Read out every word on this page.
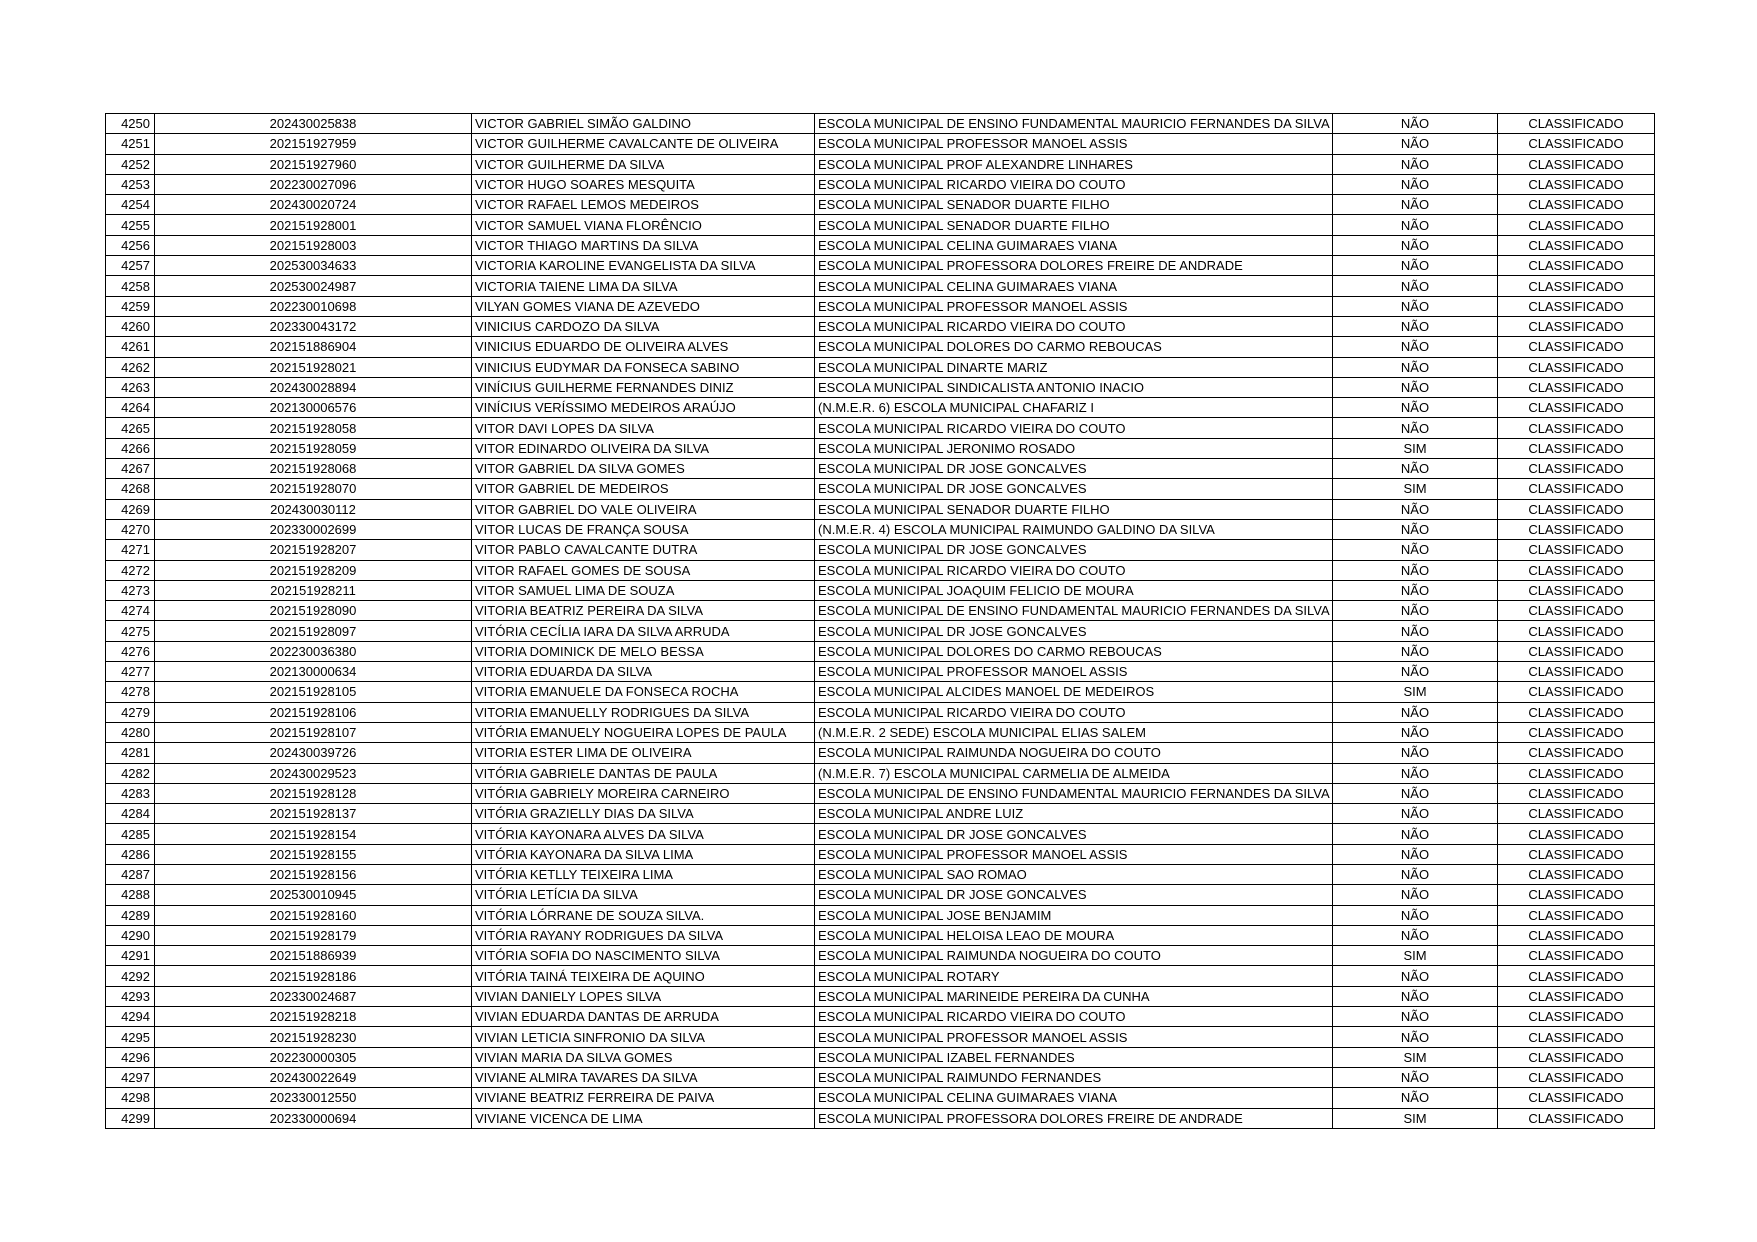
4250	202430025838	VICTOR GABRIEL SIMÃO GALDINO	ESCOLA MUNICIPAL DE ENSINO FUNDAMENTAL MAURICIO FERNANDES DA SILVA	NÃO	CLASSIFICADO
4251	202151927959	VICTOR GUILHERME CAVALCANTE DE OLIVEIRA	ESCOLA MUNICIPAL PROFESSOR MANOEL ASSIS	NÃO	CLASSIFICADO
4252	202151927960	VICTOR GUILHERME DA SILVA	ESCOLA MUNICIPAL PROF ALEXANDRE LINHARES	NÃO	CLASSIFICADO
4253	202230027096	VICTOR HUGO SOARES MESQUITA	ESCOLA MUNICIPAL RICARDO VIEIRA DO COUTO	NÃO	CLASSIFICADO
4254	202430020724	VICTOR RAFAEL LEMOS MEDEIROS	ESCOLA MUNICIPAL SENADOR DUARTE FILHO	NÃO	CLASSIFICADO
4255	202151928001	VICTOR SAMUEL VIANA FLORÊNCIO	ESCOLA MUNICIPAL SENADOR DUARTE FILHO	NÃO	CLASSIFICADO
4256	202151928003	VICTOR THIAGO MARTINS DA SILVA	ESCOLA MUNICIPAL CELINA GUIMARAES VIANA	NÃO	CLASSIFICADO
4257	202530034633	VICTORIA KAROLINE EVANGELISTA DA SILVA	ESCOLA MUNICIPAL PROFESSORA DOLORES FREIRE DE ANDRADE	NÃO	CLASSIFICADO
4258	202530024987	VICTORIA TAIENE LIMA DA SILVA	ESCOLA MUNICIPAL CELINA GUIMARAES VIANA	NÃO	CLASSIFICADO
4259	202230010698	VILYAN GOMES VIANA DE AZEVEDO	ESCOLA MUNICIPAL PROFESSOR MANOEL ASSIS	NÃO	CLASSIFICADO
4260	202330043172	VINICIUS CARDOZO DA SILVA	ESCOLA MUNICIPAL RICARDO VIEIRA DO COUTO	NÃO	CLASSIFICADO
4261	202151886904	VINICIUS EDUARDO DE OLIVEIRA ALVES	ESCOLA MUNICIPAL DOLORES DO CARMO REBOUCAS	NÃO	CLASSIFICADO
4262	202151928021	VINICIUS EUDYMAR DA FONSECA SABINO	ESCOLA MUNICIPAL DINARTE MARIZ	NÃO	CLASSIFICADO
4263	202430028894	VINÍCIUS GUILHERME FERNANDES DINIZ	ESCOLA MUNICIPAL SINDICALISTA ANTONIO INACIO	NÃO	CLASSIFICADO
4264	202130006576	VINÍCIUS VERÍSSIMO MEDEIROS ARAÚJO	(N.M.E.R. 6) ESCOLA MUNICIPAL CHAFARIZ I	NÃO	CLASSIFICADO
4265	202151928058	VITOR DAVI LOPES DA SILVA	ESCOLA MUNICIPAL RICARDO VIEIRA DO COUTO	NÃO	CLASSIFICADO
4266	202151928059	VITOR EDINARDO OLIVEIRA DA SILVA	ESCOLA MUNICIPAL JERONIMO ROSADO	SIM	CLASSIFICADO
4267	202151928068	VITOR GABRIEL DA SILVA GOMES	ESCOLA MUNICIPAL DR JOSE GONCALVES	NÃO	CLASSIFICADO
4268	202151928070	VITOR GABRIEL DE MEDEIROS	ESCOLA MUNICIPAL DR JOSE GONCALVES	SIM	CLASSIFICADO
4269	202430030112	VITOR GABRIEL DO VALE OLIVEIRA	ESCOLA MUNICIPAL SENADOR DUARTE FILHO	NÃO	CLASSIFICADO
4270	202330002699	VITOR LUCAS DE FRANÇA SOUSA	(N.M.E.R. 4) ESCOLA MUNICIPAL RAIMUNDO GALDINO DA SILVA	NÃO	CLASSIFICADO
4271	202151928207	VITOR PABLO CAVALCANTE DUTRA	ESCOLA MUNICIPAL DR JOSE GONCALVES	NÃO	CLASSIFICADO
4272	202151928209	VITOR RAFAEL GOMES DE SOUSA	ESCOLA MUNICIPAL RICARDO VIEIRA DO COUTO	NÃO	CLASSIFICADO
4273	202151928211	VITOR SAMUEL LIMA DE SOUZA	ESCOLA MUNICIPAL JOAQUIM FELICIO DE MOURA	NÃO	CLASSIFICADO
4274	202151928090	VITORIA BEATRIZ PEREIRA DA SILVA	ESCOLA MUNICIPAL DE ENSINO FUNDAMENTAL MAURICIO FERNANDES DA SILVA	NÃO	CLASSIFICADO
4275	202151928097	VITÓRIA CECÍLIA IARA DA SILVA ARRUDA	ESCOLA MUNICIPAL DR JOSE GONCALVES	NÃO	CLASSIFICADO
4276	202230036380	VITORIA DOMINICK DE MELO BESSA	ESCOLA MUNICIPAL DOLORES DO CARMO REBOUCAS	NÃO	CLASSIFICADO
4277	202130000634	VITORIA EDUARDA DA SILVA	ESCOLA MUNICIPAL PROFESSOR MANOEL ASSIS	NÃO	CLASSIFICADO
4278	202151928105	VITORIA EMANUELE DA FONSECA ROCHA	ESCOLA MUNICIPAL ALCIDES MANOEL DE MEDEIROS	SIM	CLASSIFICADO
4279	202151928106	VITORIA EMANUELLY RODRIGUES DA SILVA	ESCOLA MUNICIPAL RICARDO VIEIRA DO COUTO	NÃO	CLASSIFICADO
4280	202151928107	VITÓRIA EMANUELY NOGUEIRA LOPES DE PAULA	(N.M.E.R. 2 SEDE) ESCOLA MUNICIPAL ELIAS SALEM	NÃO	CLASSIFICADO
4281	202430039726	VITORIA ESTER LIMA DE OLIVEIRA	ESCOLA MUNICIPAL RAIMUNDA NOGUEIRA DO COUTO	NÃO	CLASSIFICADO
4282	202430029523	VITÓRIA GABRIELE DANTAS DE PAULA	(N.M.E.R. 7) ESCOLA MUNICIPAL CARMELIA DE ALMEIDA	NÃO	CLASSIFICADO
4283	202151928128	VITÓRIA GABRIELY MOREIRA CARNEIRO	ESCOLA MUNICIPAL DE ENSINO FUNDAMENTAL MAURICIO FERNANDES DA SILVA	NÃO	CLASSIFICADO
4284	202151928137	VITÓRIA GRAZIELLY DIAS DA SILVA	ESCOLA MUNICIPAL ANDRE LUIZ	NÃO	CLASSIFICADO
4285	202151928154	VITÓRIA KAYONARA ALVES DA SILVA	ESCOLA MUNICIPAL DR JOSE GONCALVES	NÃO	CLASSIFICADO
4286	202151928155	VITÓRIA KAYONARA DA SILVA LIMA	ESCOLA MUNICIPAL PROFESSOR MANOEL ASSIS	NÃO	CLASSIFICADO
4287	202151928156	VITÓRIA KETLLY TEIXEIRA LIMA	ESCOLA MUNICIPAL SAO ROMAO	NÃO	CLASSIFICADO
4288	202530010945	VITÓRIA LETÍCIA DA SILVA	ESCOLA MUNICIPAL DR JOSE GONCALVES	NÃO	CLASSIFICADO
4289	202151928160	VITÓRIA LÓRRANE DE SOUZA SILVA.	ESCOLA MUNICIPAL JOSE BENJAMIM	NÃO	CLASSIFICADO
4290	202151928179	VITÓRIA RAYANY RODRIGUES DA SILVA	ESCOLA MUNICIPAL HELOISA LEAO DE MOURA	NÃO	CLASSIFICADO
4291	202151886939	VITÓRIA SOFIA DO NASCIMENTO SILVA	ESCOLA MUNICIPAL RAIMUNDA NOGUEIRA DO COUTO	SIM	CLASSIFICADO
4292	202151928186	VITÓRIA TAINÁ TEIXEIRA DE AQUINO	ESCOLA MUNICIPAL ROTARY	NÃO	CLASSIFICADO
4293	202330024687	VIVIAN DANIELY LOPES SILVA	ESCOLA MUNICIPAL MARINEIDE PEREIRA DA CUNHA	NÃO	CLASSIFICADO
4294	202151928218	VIVIAN EDUARDA DANTAS DE ARRUDA	ESCOLA MUNICIPAL RICARDO VIEIRA DO COUTO	NÃO	CLASSIFICADO
4295	202151928230	VIVIAN LETICIA SINFRONIO DA SILVA	ESCOLA MUNICIPAL PROFESSOR MANOEL ASSIS	NÃO	CLASSIFICADO
4296	202230000305	VIVIAN MARIA DA SILVA GOMES	ESCOLA MUNICIPAL IZABEL FERNANDES	SIM	CLASSIFICADO
4297	202430022649	VIVIANE ALMIRA TAVARES DA SILVA	ESCOLA MUNICIPAL RAIMUNDO FERNANDES	NÃO	CLASSIFICADO
4298	202330012550	VIVIANE BEATRIZ FERREIRA DE PAIVA	ESCOLA MUNICIPAL CELINA GUIMARAES VIANA	NÃO	CLASSIFICADO
4299	202330000694	VIVIANE VICENCA DE LIMA	ESCOLA MUNICIPAL PROFESSORA DOLORES FREIRE DE ANDRADE	SIM	CLASSIFICADO
